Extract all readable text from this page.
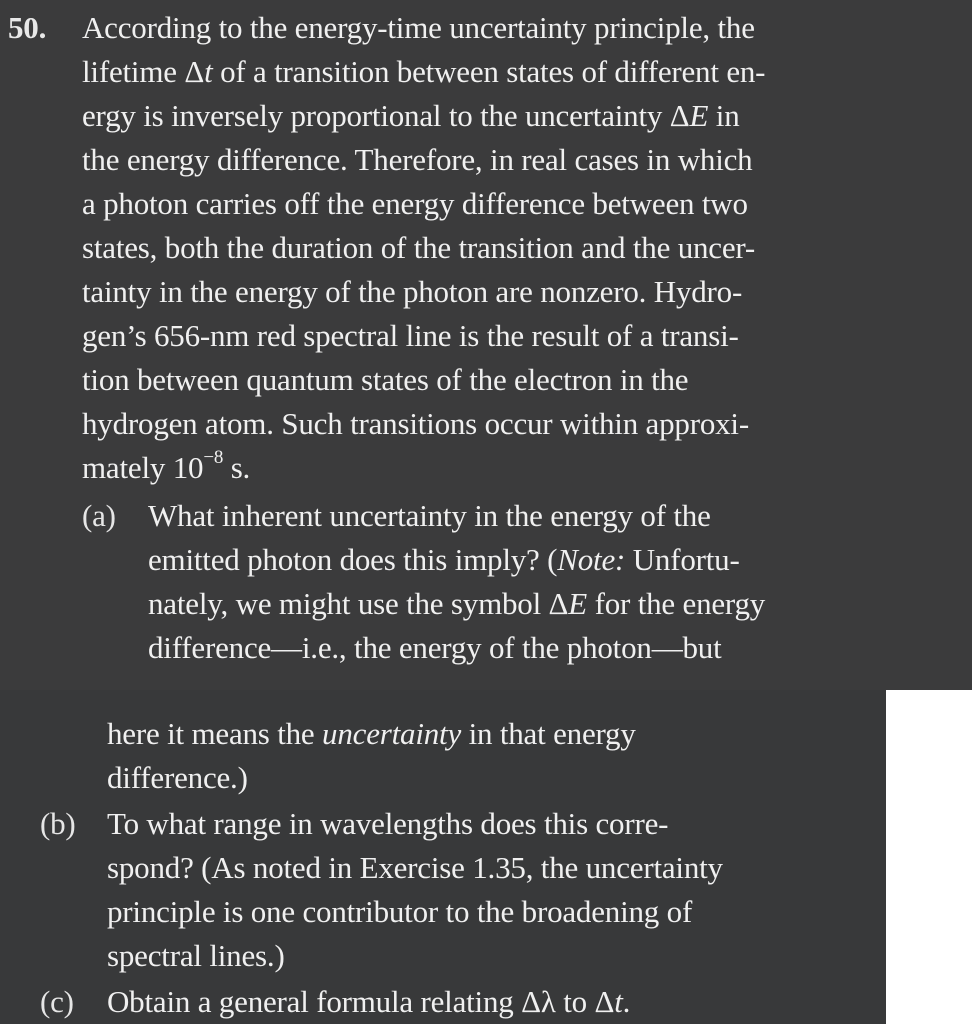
50. According to the energy-time uncertainty principle, the
lifetime Δt of a transition between states of different en-
ergy is inversely proportional to the uncertainty ΔE in
the energy difference. Therefore, in real cases in which
a photon carries off the energy difference between two
states, both the duration of the transition and the uncer-
tainty in the energy of the photon are nonzero. Hydro-
gen’s 656-nm red spectral line is the result of a transi-
tion between quantum states of the electron in the
hydrogen atom. Such transitions occur within approxi-
mately $10^{-8}$ s.
(a) What inherent uncertainty in the energy of the
emitted photon does this imply? (Note: Unfortu-
nately, we might use the symbol ΔE for the energy
difference—i.e., the energy of the photon—but
here it means the uncertainty in that energy
difference.)
(b) To what range in wavelengths does this corre-
spond? (As noted in Exercise 1.35, the uncertainty
principle is one contributor to the broadening of
spectral lines.)
(c) Obtain a general formula relating Δλ to Δt.
